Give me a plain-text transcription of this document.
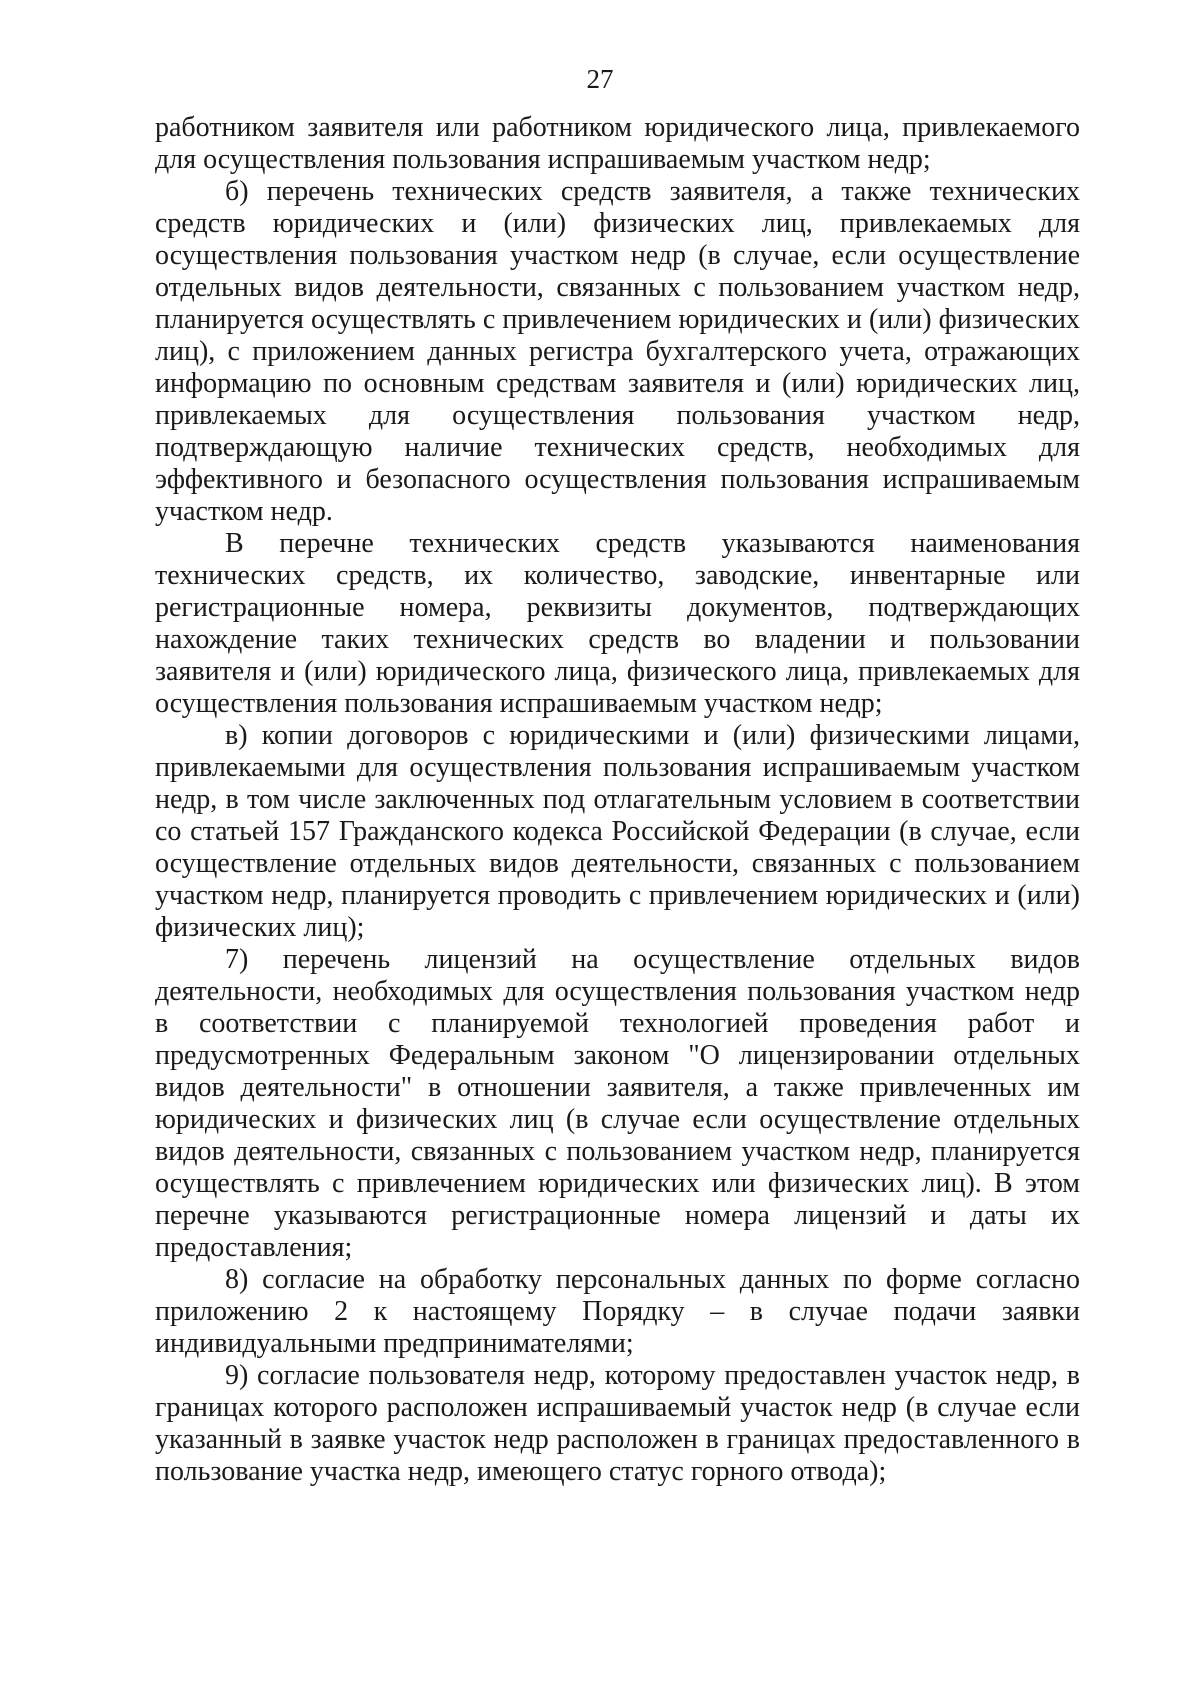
27

работником заявителя или работником юридического лица, привлекаемого для осуществления пользования испрашиваемым участком недр;

б) перечень технических средств заявителя, а также технических средств юридических и (или) физических лиц, привлекаемых для осуществления пользования участком недр (в случае, если осуществление отдельных видов деятельности, связанных с пользованием участком недр, планируется осуществлять с привлечением юридических и (или) физических лиц), с приложением данных регистра бухгалтерского учета, отражающих информацию по основным средствам заявителя и (или) юридических лиц, привлекаемых для осуществления пользования участком недр, подтверждающую наличие технических средств, необходимых для эффективного и безопасного осуществления пользования испрашиваемым участком недр.

В перечне технических средств указываются наименования технических средств, их количество, заводские, инвентарные или регистрационные номера, реквизиты документов, подтверждающих нахождение таких технических средств во владении и пользовании заявителя и (или) юридического лица, физического лица, привлекаемых для осуществления пользования испрашиваемым участком недр;

в) копии договоров с юридическими и (или) физическими лицами, привлекаемыми для осуществления пользования испрашиваемым участком недр, в том числе заключенных под отлагательным условием в соответствии со статьей 157 Гражданского кодекса Российской Федерации (в случае, если осуществление отдельных видов деятельности, связанных с пользованием участком недр, планируется проводить с привлечением юридических и (или) физических лиц);

7) перечень лицензий на осуществление отдельных видов деятельности, необходимых для осуществления пользования участком недр в соответствии с планируемой технологией проведения работ и предусмотренных Федеральным законом "О лицензировании отдельных видов деятельности" в отношении заявителя, а также привлеченных им юридических и физических лиц (в случае если осуществление отдельных видов деятельности, связанных с пользованием участком недр, планируется осуществлять с привлечением юридических или физических лиц). В этом перечне указываются регистрационные номера лицензий и даты их предоставления;

8) согласие на обработку персональных данных по форме согласно приложению 2 к настоящему Порядку – в случае подачи заявки индивидуальными предпринимателями;

9) согласие пользователя недр, которому предоставлен участок недр, в границах которого расположен испрашиваемый участок недр (в случае если указанный в заявке участок недр расположен в границах предоставленного в пользование участка недр, имеющего статус горного отвода);
